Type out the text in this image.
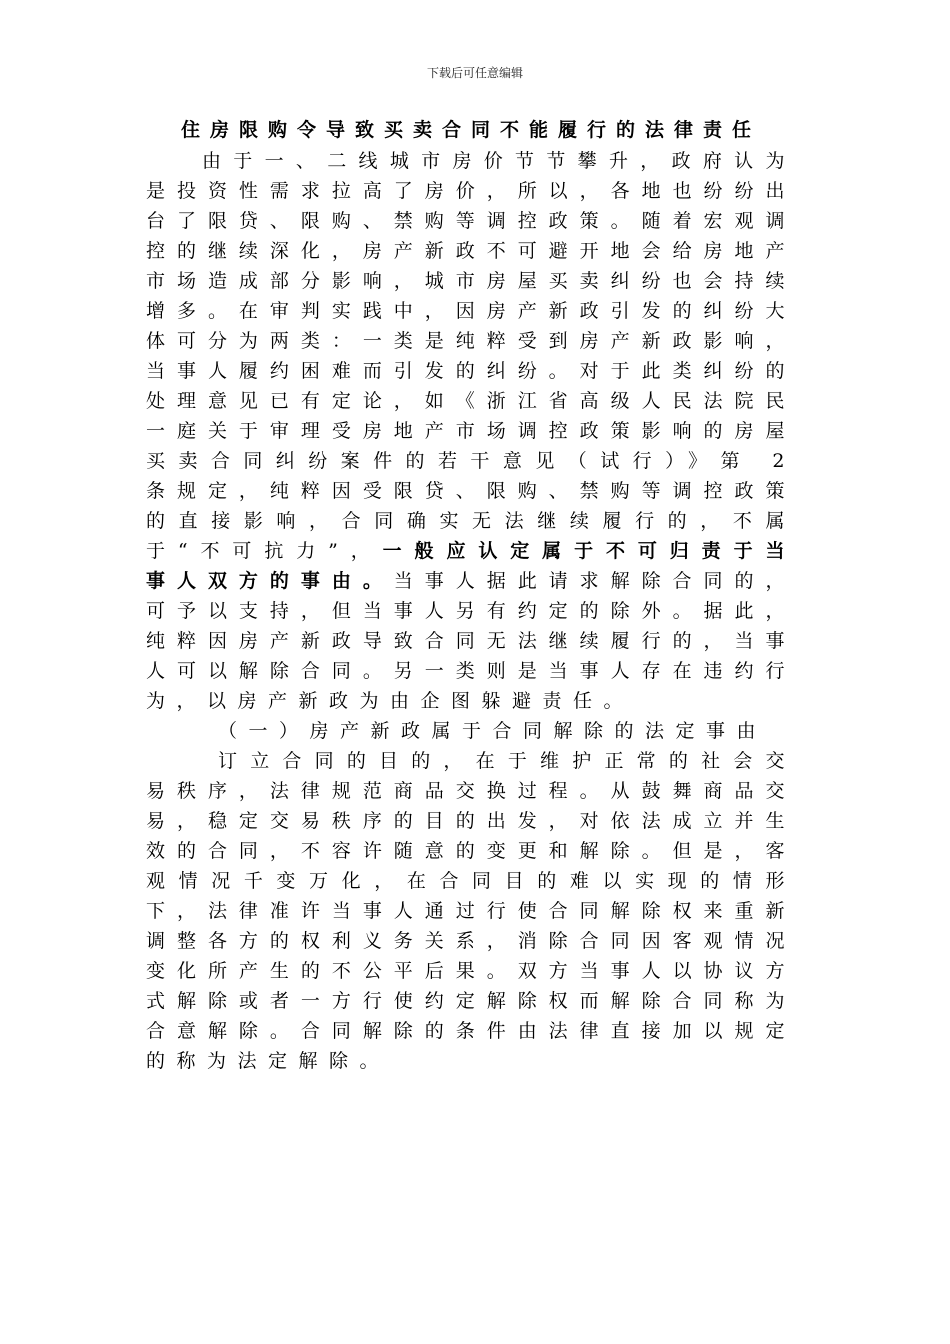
下载后可任意编辑
住房限购令导致买卖合同不能履行的法律责任

由于一、二线城市房价节节攀升，政府认为是投资性需求拉高了房价，所以，各地也纷纷出台了限贷、限购、禁购等调控政策。随着宏观调控的继续深化，房产新政不可避开地会给房地产市场造成部分影响，城市房屋买卖纠纷也会持续增多。在审判实践中，因房产新政引发的纠纷大体可分为两类：一类是纯粹受到房产新政影响，当事人履约困难而引发的纠纷。对于此类纠纷的处理意见已有定论，如《浙江省高级人民法院民一庭关于审理受房地产市场调控政策影响的房屋买卖合同纠纷案件的若干意见（试行）》第 2 条规定，纯粹因受限贷、限购、禁购等调控政策的直接影响，合同确实无法继续履行的，不属于“不可抗力”，一般应认定属于不可归责于当事人双方的事由。当事人据此请求解除合同的，可予以支持，但当事人另有约定的除外。据此，纯粹因房产新政导致合同无法继续履行的，当事人可以解除合同。另一类则是当事人存在违约行为，以房产新政为由企图躲避责任。

（一）房产新政属于合同解除的法定事由

订立合同的目的，在于维护正常的社会交易秩序，法律规范商品交换过程。从鼓舞商品交易，稳定交易秩序的目的出发，对依法成立并生效的合同，不容许随意的变更和解除。但是，客观情况千变万化，在合同目的难以实现的情形下，法律准许当事人通过行使合同解除权来重新调整各方的权利义务关系，消除合同因客观情况变化所产生的不公平后果。双方当事人以协议方式解除或者一方行使约定解除权而解除合同称为合意解除。合同解除的条件由法律直接加以规定的称为法定解除。
